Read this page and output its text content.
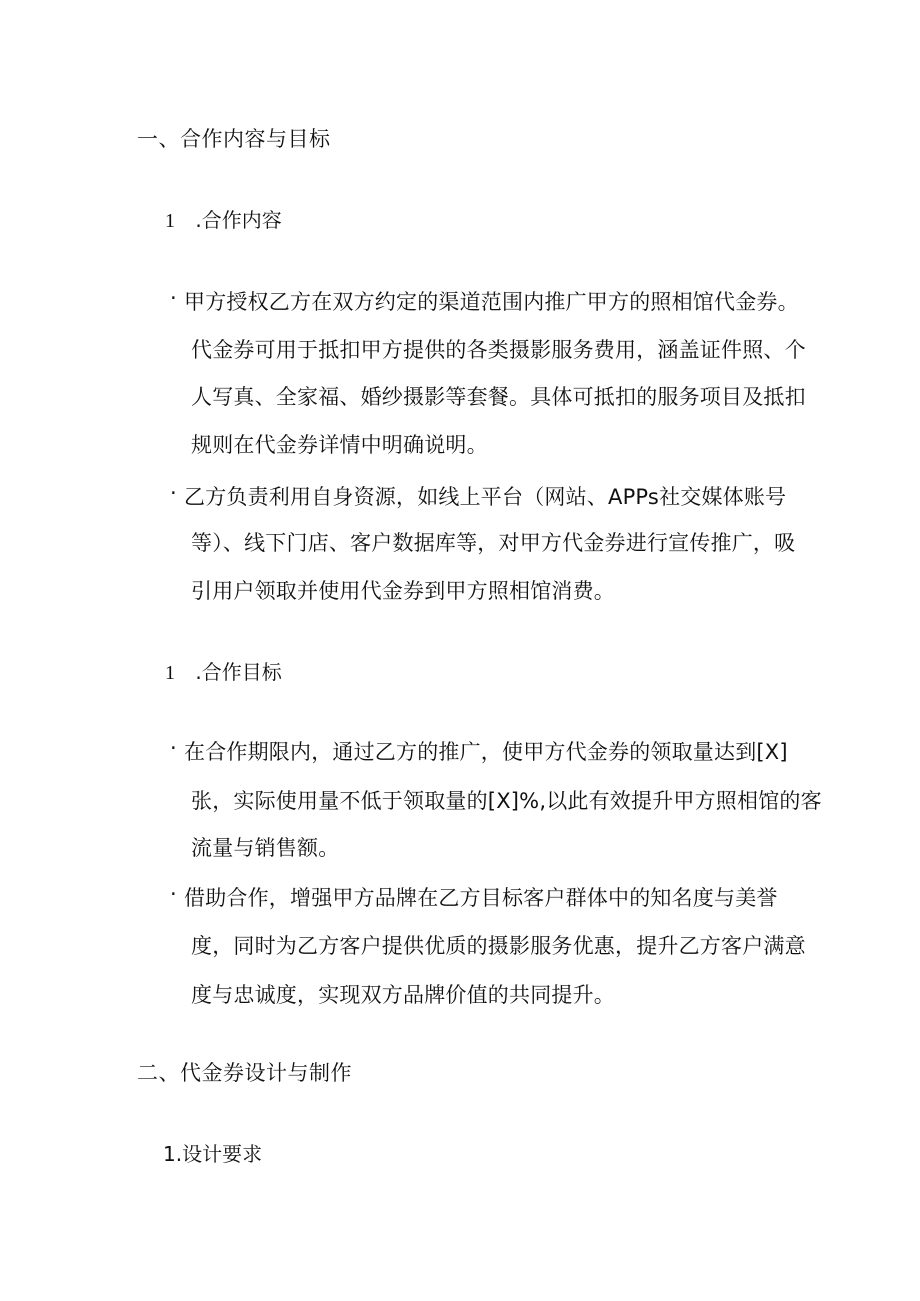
一、合作内容与目标
1 .合作内容
· 甲方授权乙方在双方约定的渠道范围内推广甲方的照相馆代金券。
代金券可用于抵扣甲方提供的各类摄影服务费用，涵盖证件照、个
人写真、全家福、婚纱摄影等套餐。具体可抵扣的服务项目及抵扣
规则在代金券详情中明确说明。
· 乙方负责利用自身资源，如线上平台（网站、APPs社交媒体账号
等）、线下门店、客户数据库等，对甲方代金券进行宣传推广，吸
引用户领取并使用代金券到甲方照相馆消费。
1 .合作目标
· 在合作期限内，通过乙方的推广，使甲方代金券的领取量达到[X]
张，实际使用量不低于领取量的[X]%,以此有效提升甲方照相馆的客
流量与销售额。
· 借助合作，增强甲方品牌在乙方目标客户群体中的知名度与美誉
度，同时为乙方客户提供优质的摄影服务优惠，提升乙方客户满意
度与忠诚度，实现双方品牌价值的共同提升。
二、代金券设计与制作
1.设计要求
